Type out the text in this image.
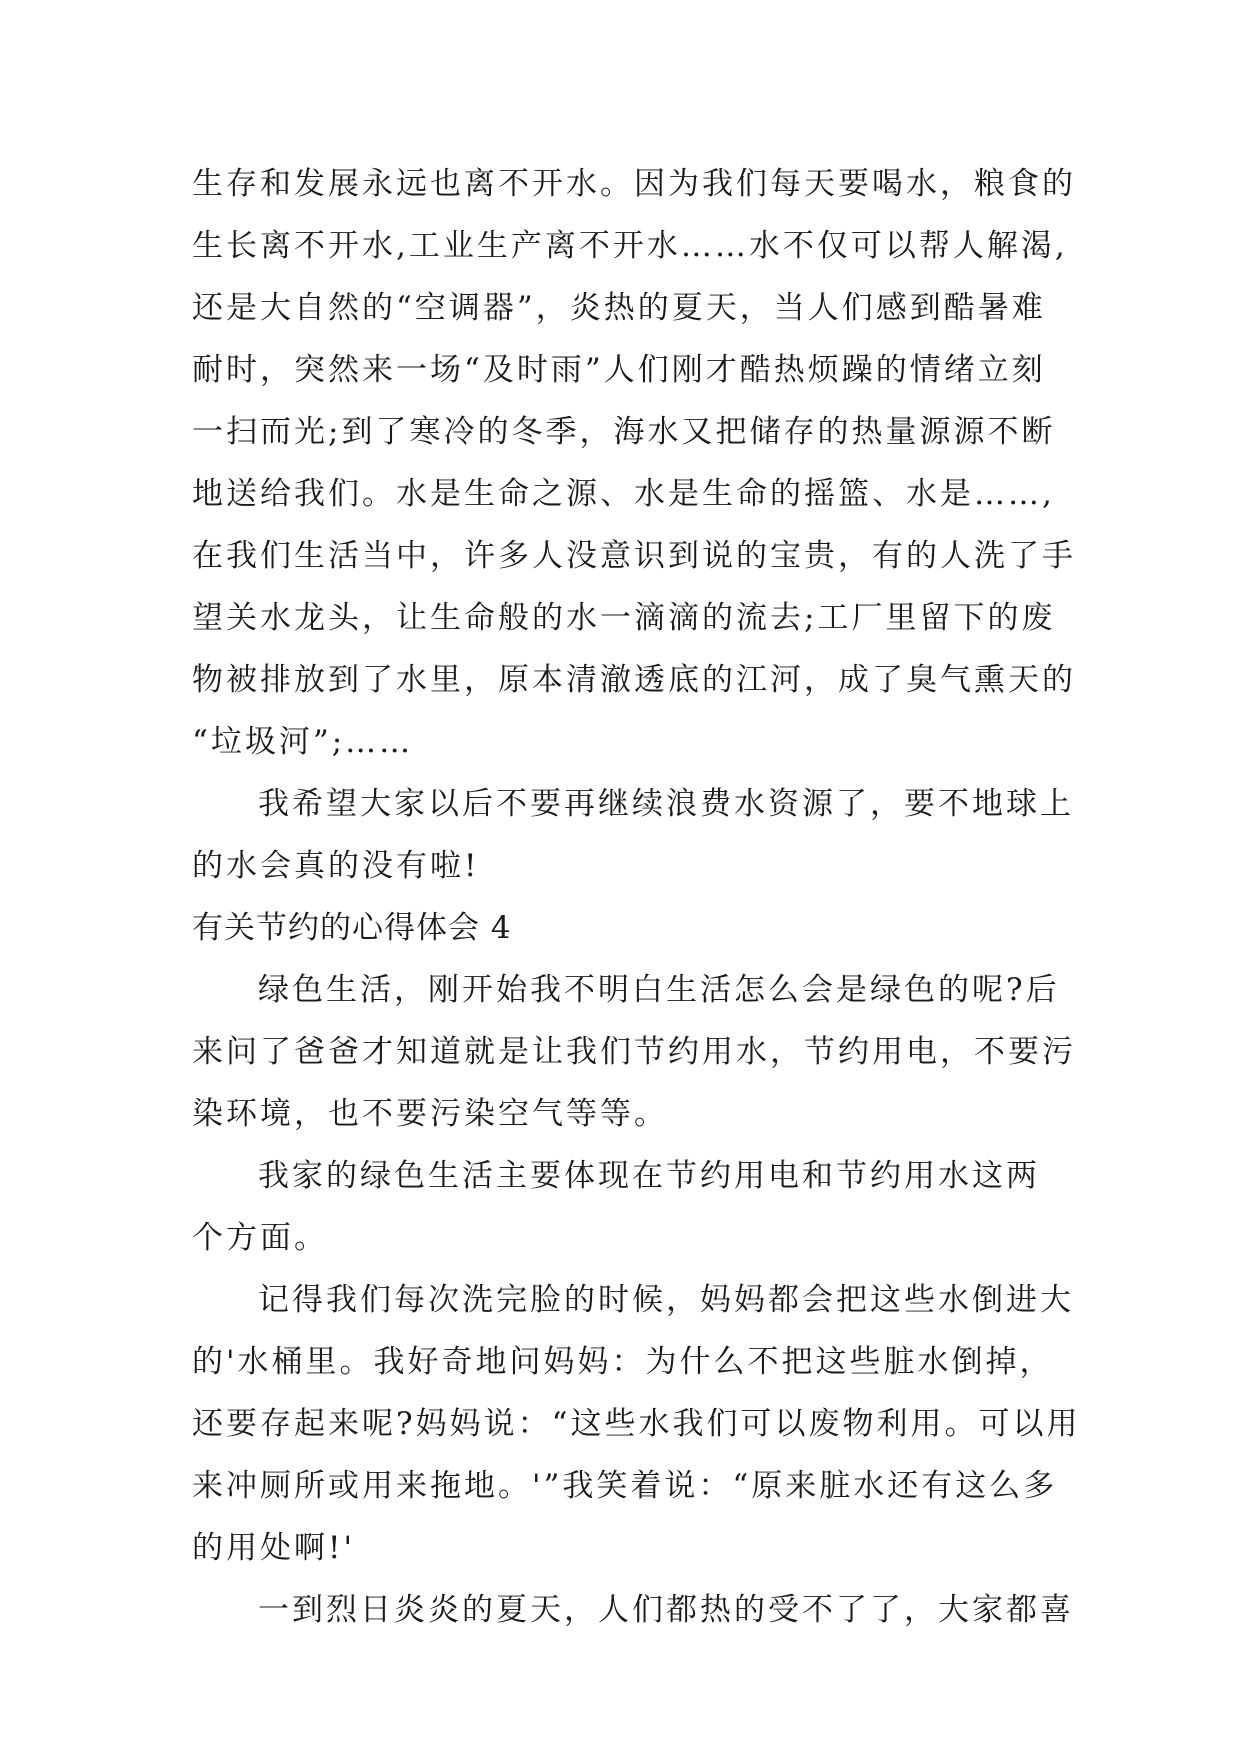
生存和发展永远也离不开水。因为我们每天要喝水，粮食的
生长离不开水,工业生产离不开水……水不仅可以帮人解渴,
还是大自然的“空调器”，炎热的夏天，当人们感到酷暑难
耐时，突然来一场“及时雨”人们刚才酷热烦躁的情绪立刻
一扫而光;到了寒冷的冬季，海水又把储存的热量源源不断
地送给我们。水是生命之源、水是生命的摇篮、水是……,
在我们生活当中，许多人没意识到说的宝贵，有的人洗了手
望关水龙头，让生命般的水一滴滴的流去;工厂里留下的废
物被排放到了水里，原本清澈透底的江河，成了臭气熏天的
“垃圾河”;……
我希望大家以后不要再继续浪费水资源了，要不地球上
的水会真的没有啦!
有关节约的心得体会 4
绿色生活，刚开始我不明白生活怎么会是绿色的呢?后
来问了爸爸才知道就是让我们节约用水，节约用电，不要污
染环境，也不要污染空气等等。
我家的绿色生活主要体现在节约用电和节约用水这两
个方面。
记得我们每次洗完脸的时候，妈妈都会把这些水倒进大
的'水桶里。我好奇地问妈妈：为什么不把这些脏水倒掉，
还要存起来呢?妈妈说：“这些水我们可以废物利用。可以用
来冲厕所或用来拖地。'”我笑着说：“原来脏水还有这么多
的用处啊!'
一到烈日炎炎的夏天，人们都热的受不了了，大家都喜
